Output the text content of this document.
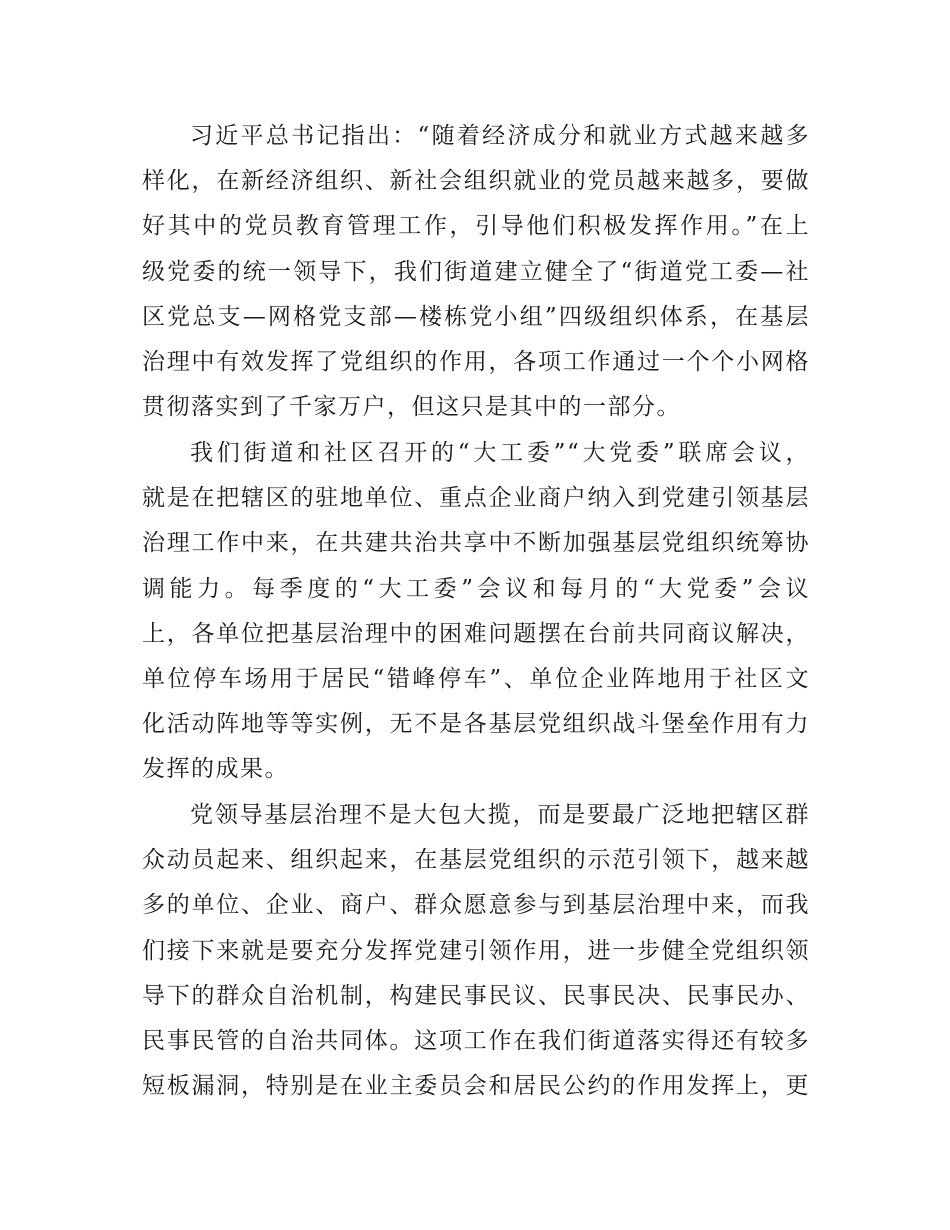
习近平总书记指出：“随着经济成分和就业方式越来越多
样化，在新经济组织、新社会组织就业的党员越来越多，要做
好其中的党员教育管理工作，引导他们积极发挥作用。”在上
级党委的统一领导下，我们街道建立健全了“街道党工委—社
区党总支—网格党支部—楼栋党小组”四级组织体系，在基层
治理中有效发挥了党组织的作用，各项工作通过一个个小网格
贯彻落实到了千家万户，但这只是其中的一部分。
我们街道和社区召开的“大工委”“大党委”联席会议，
就是在把辖区的驻地单位、重点企业商户纳入到党建引领基层
治理工作中来，在共建共治共享中不断加强基层党组织统筹协
调能力。每季度的“大工委”会议和每月的“大党委”会议
上，各单位把基层治理中的困难问题摆在台前共同商议解决，
单位停车场用于居民“错峰停车”、单位企业阵地用于社区文
化活动阵地等等实例，无不是各基层党组织战斗堡垒作用有力
发挥的成果。
党领导基层治理不是大包大揽，而是要最广泛地把辖区群
众动员起来、组织起来，在基层党组织的示范引领下，越来越
多的单位、企业、商户、群众愿意参与到基层治理中来，而我
们接下来就是要充分发挥党建引领作用，进一步健全党组织领
导下的群众自治机制，构建民事民议、民事民决、民事民办、
民事民管的自治共同体。这项工作在我们街道落实得还有较多
短板漏洞，特别是在业主委员会和居民公约的作用发挥上，更
